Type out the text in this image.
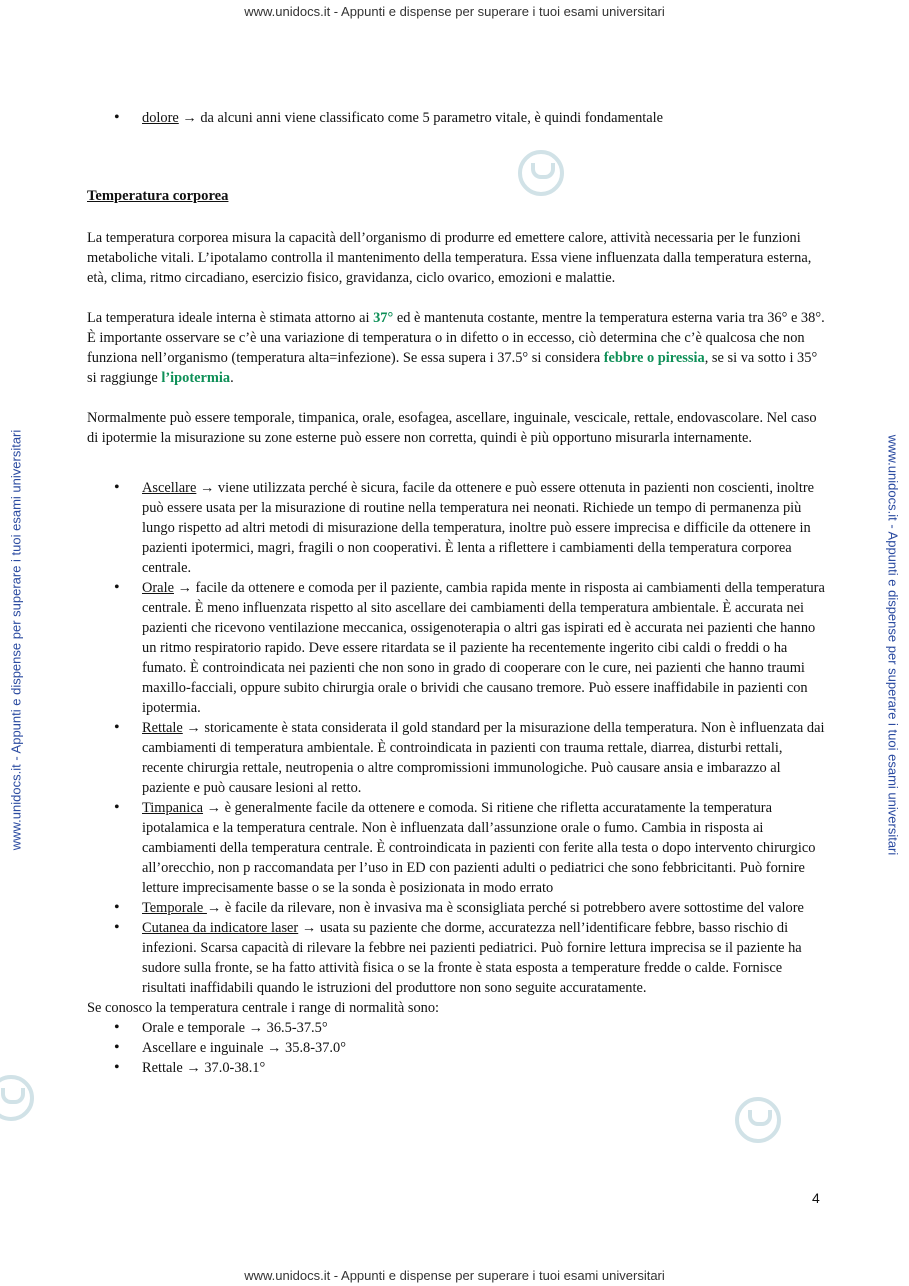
www.unidocs.it - Appunti e dispense per superare i tuoi esami universitari
www.unidocs.it - Appunti e dispense per superare i tuoi esami universitari
www.unidocs.it - Appunti e dispense per superare i tuoi esami universitari	www.unidocs.it - Appunti e dispense per superare i tuoi esami universitari
• dolore → da alcuni anni viene classificato come 5 parametro vitale, è quindi fondamentale
Temperatura corporea

La temperatura corporea misura la capacità dell’organismo di produrre ed emettere calore, attività necessaria per le funzioni metaboliche vitali. L’ipotalamo controlla il mantenimento della temperatura. Essa viene influenzata dalla temperatura esterna, età, clima, ritmo circadiano, esercizio fisico, gravidanza, ciclo ovarico, emozioni e malattie.

La temperatura ideale interna è stimata attorno ai 37° ed è mantenuta costante, mentre la temperatura esterna varia tra 36° e 38°. È importante osservare se c’è una variazione di temperatura o in difetto o in eccesso, ciò determina che c’è qualcosa che non funziona nell’organismo (temperatura alta=infezione). Se essa supera i 37.5° si considera febbre o piressia, se si va sotto i 35° si raggiunge l’ipotermia.

Normalmente può essere temporale, timpanica, orale, esofagea, ascellare, inguinale, vescicale, rettale, endovascolare. Nel caso di ipotermie la misurazione su zone esterne può essere non corretta, quindi è più opportuno misurarla internamente.

• Ascellare → viene utilizzata perché è sicura, facile da ottenere e può essere ottenuta in pazienti non coscienti, inoltre può essere usata per la misurazione di routine nella temperatura nei neonati. Richiede un tempo di permanenza più lungo rispetto ad altri metodi di misurazione della temperatura, inoltre può essere imprecisa e difficile da ottenere in pazienti ipotermici, magri, fragili o non cooperativi. È lenta a riflettere i cambiamenti della temperatura corporea centrale.
• Orale → facile da ottenere e comoda per il paziente, cambia rapida mente in risposta ai cambiamenti della temperatura centrale. È meno influenzata rispetto al sito ascellare dei cambiamenti della temperatura ambientale. È accurata nei pazienti che ricevono ventilazione meccanica, ossigenoterapia o altri gas ispirati ed è accurata nei pazienti che hanno un ritmo respiratorio rapido. Deve essere ritardata se il paziente ha recentemente ingerito cibi caldi o freddi o ha fumato. È controindicata nei pazienti che non sono in grado di cooperare con le cure, nei pazienti che hanno traumi maxillo-facciali, oppure subito chirurgia orale o brividi che causano tremore. Può essere inaffidabile in pazienti con ipotermia.
• Rettale → storicamente è stata considerata il gold standard per la misurazione della temperatura. Non è influenzata dai cambiamenti di temperatura ambientale. È controindicata in pazienti con trauma rettale, diarrea, disturbi rettali, recente chirurgia rettale, neutropenia o altre compromissioni immunologiche. Può causare ansia e imbarazzo al paziente e può causare lesioni al retto.
• Timpanica → è generalmente facile da ottenere e comoda. Si ritiene che rifletta accuratamente la temperatura ipotalamica e la temperatura centrale. Non è influenzata dall’assunzione orale o fumo. Cambia in risposta ai cambiamenti della temperatura centrale. È controindicata in pazienti con ferite alla testa o dopo intervento chirurgico all’orecchio, non p raccomandata per l’uso in ED con pazienti adulti o pediatrici che sono febbricitanti. Può fornire letture imprecisamente basse o se la sonda è posizionata in modo errato
• Temporale → è facile da rilevare, non è invasiva ma è sconsigliata perché si potrebbero avere sottostime del valore
• Cutanea da indicatore laser → usata su paziente che dorme, accuratezza nell’identificare febbre, basso rischio di infezioni. Scarsa capacità di rilevare la febbre nei pazienti pediatrici. Può fornire lettura imprecisa se il paziente ha sudore sulla fronte, se ha fatto attività fisica o se la fronte è stata esposta a temperature fredde o calde. Fornisce risultati inaffidabili quando le istruzioni del produttore non sono seguite accuratamente.

Se conosco la temperatura centrale i range di normalità sono:

• Orale e temporale → 36.5-37.5°
• Ascellare e inguinale → 35.8-37.0°
• Rettale → 37.0-38.1°
4
